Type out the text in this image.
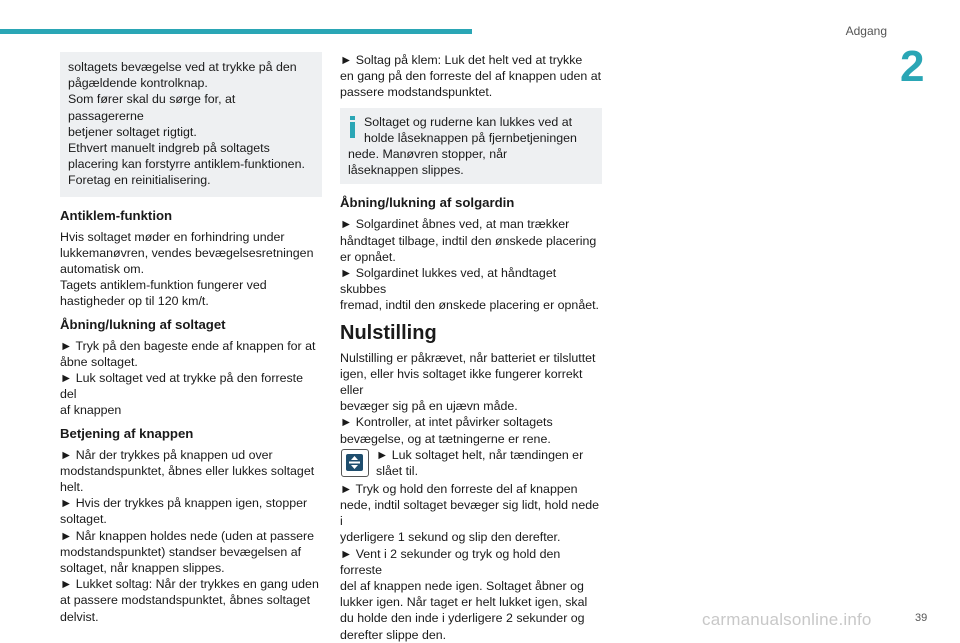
Adgang
2

soltagets bevægelse ved at trykke på den

pågældende kontrolknap.

Som fører skal du sørge for, at passagererne

betjener soltaget rigtigt.

Ethvert manuelt indgreb på soltagets

placering kan forstyrre antiklem-funktionen.

Foretag en reinitialisering.

Antiklem-funktion

Hvis soltaget møder en forhindring under

lukkemanøvren, vendes bevægelsesretningen

automatisk om.

Tagets antiklem-funktion fungerer ved

hastigheder op til 120 km/t.

Åbning/lukning af soltaget

► Tryk på den bageste ende af knappen for at

åbne soltaget.

► Luk soltaget ved at trykke på den forreste del

af knappen

Betjening af knappen

► Når der trykkes på knappen ud over

modstandspunktet, åbnes eller lukkes soltaget

helt.

► Hvis der trykkes på knappen igen, stopper

soltaget.

► Når knappen holdes nede (uden at passere

modstandspunktet) standser bevægelsen af

soltaget, når knappen slippes.

► Lukket soltag: Når der trykkes en gang uden

at passere modstandspunktet, åbnes soltaget

delvist.

► Soltag på klem: Luk det helt ved at trykke

en gang på den forreste del af knappen uden at

passere modstandspunktet.

Soltaget og ruderne kan lukkes ved at

holde låseknappen på fjernbetjeningen

nede. Manøvren stopper, når

låseknappen slippes.

Åbning/lukning af solgardin

► Solgardinet åbnes ved, at man trækker

håndtaget tilbage, indtil den ønskede placering

er opnået.

► Solgardinet lukkes ved, at håndtaget skubbes

fremad, indtil den ønskede placering er opnået.

Nulstilling

Nulstilling er påkrævet, når batteriet er tilsluttet

igen, eller hvis soltaget ikke fungerer korrekt eller

bevæger sig på en ujævn måde.

► Kontroller, at intet påvirker soltagets

bevægelse, og at tætningerne er rene.

► Luk soltaget helt, når tændingen er

slået til.

► Tryk og hold den forreste del af knappen

nede, indtil soltaget bevæger sig lidt, hold nede i

yderligere 1 sekund og slip den derefter.

► Vent i 2 sekunder og tryk og hold den forreste

del af knappen nede igen. Soltaget åbner og

lukker igen. Når taget er helt lukket igen, skal

du holde den inde i yderligere 2 sekunder og

derefter slippe den.

carmanualsonline.info	39
